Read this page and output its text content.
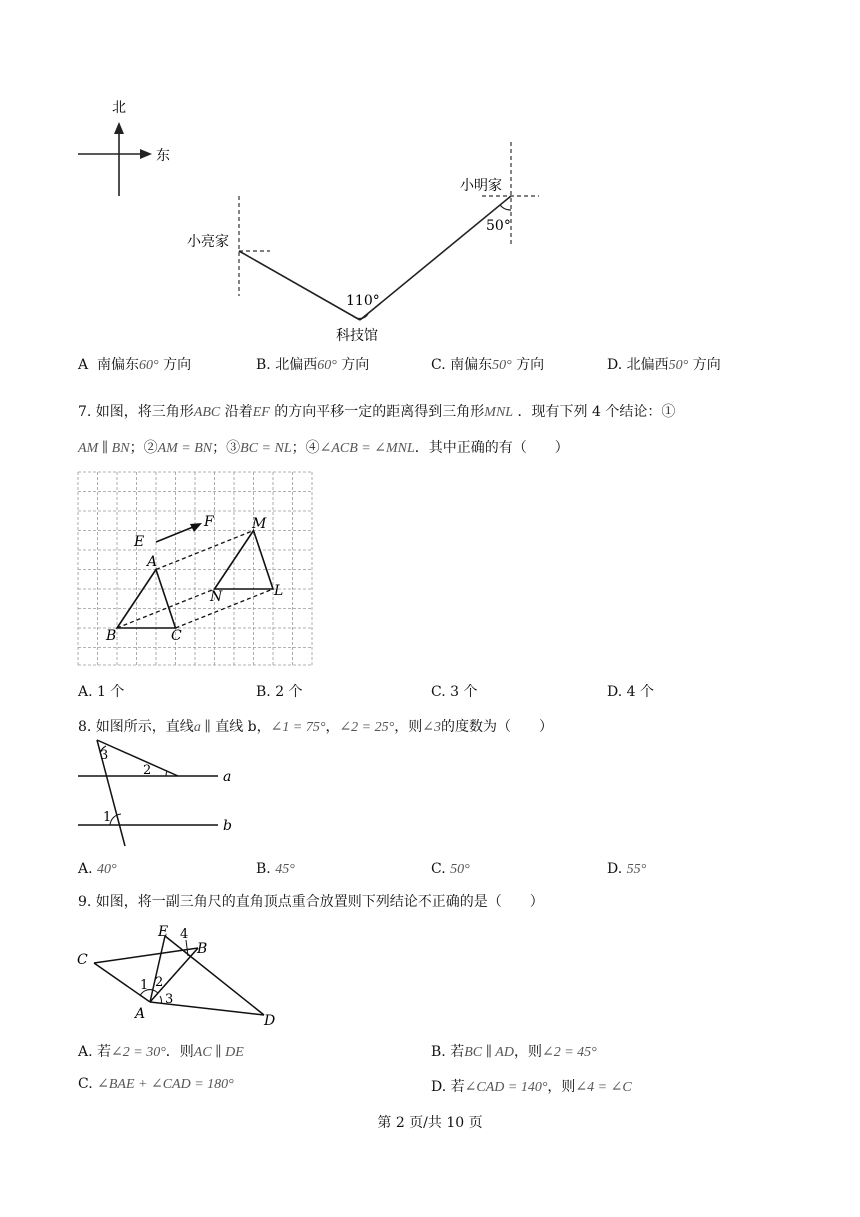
北
东
小亮家
小明家
科技馆
110°
50°
A 南偏东60° 方向	B. 北偏西60° 方向	C. 南偏东50° 方向	D. 北偏西50° 方向
7. 如图，将三角形ABC 沿着EF 的方向平移一定的距离得到三角形MNL ．现有下列 4 个结论：①
AM ∥ BN；②AM = BN；③BC = NL；④∠ACB = ∠MNL．其中正确的有（　　）
E
F
A
B	C
M
N	L
A. 1 个	B. 2 个	C. 3 个	D. 4 个
8. 如图所示，直线a ∥ 直线 b，∠1 = 75°，∠2 = 25°，则∠3的度数为（　　）
3
2
1
a
b
A. 40°	B. 45°	C. 50°	D. 55°
9. 如图，将一副三角尺的直角顶点重合放置则下列结论不正确的是（　　）
C
E
B
A	D
4
1 2
3
A. 若∠2 = 30°．则AC ∥ DE	B. 若BC ∥ AD，则∠2 = 45°
C. ∠BAE + ∠CAD = 180°	D. 若∠CAD = 140°，则∠4 = ∠C
第 2 页/共 10 页
